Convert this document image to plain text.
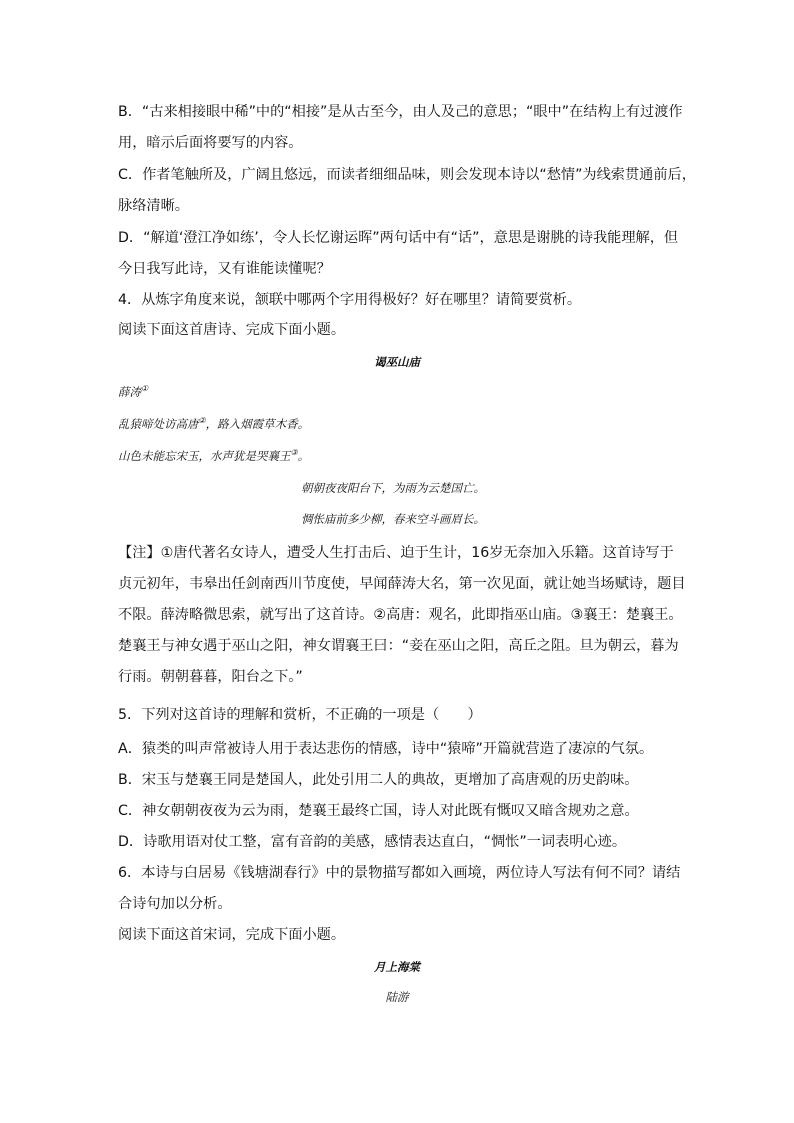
B．“古来相接眼中稀”中的“相接”是从古至今，由人及己的意思；“眼中”在结构上有过渡作
用，暗示后面将要写的内容。
C．作者笔触所及，广阔且悠远，而读者细细品味，则会发现本诗以“愁情”为线索贯通前后，
脉络清晰。
D．“解道‘澄江净如练’，令人长忆谢运晖”两句话中有“话”，意思是谢朓的诗我能理解，但
今日我写此诗，又有谁能读懂呢？
4．从炼字角度来说，颔联中哪两个字用得极好？好在哪里？请简要赏析。
阅读下面这首唐诗、完成下面小题。
谒巫山庙
薛涛①
乱猿啼处访高唐②，路入烟霞草木香。
山色未能忘宋玉，水声犹是哭襄王③。
朝朝夜夜阳台下，为雨为云楚国亡。
惆怅庙前多少柳，春来空斗画眉长。
【注】①唐代著名女诗人，遭受人生打击后、迫于生计，16岁无奈加入乐籍。这首诗写于
贞元初年，韦皋出任剑南西川节度使，早闻薛涛大名，第一次见面，就让她当场赋诗，题目
不限。薛涛略微思索，就写出了这首诗。②高唐：观名，此即指巫山庙。③襄王：楚襄王。
楚襄王与神女遇于巫山之阳，神女谓襄王曰：“妾在巫山之阳，高丘之阻。旦为朝云，暮为
行雨。朝朝暮暮，阳台之下。”
5．下列对这首诗的理解和赏析，不正确的一项是（　　）
A．猿类的叫声常被诗人用于表达悲伤的情感，诗中“猿啼”开篇就营造了凄凉的气氛。
B．宋玉与楚襄王同是楚国人，此处引用二人的典故，更增加了高唐观的历史韵味。
C．神女朝朝夜夜为云为雨，楚襄王最终亡国，诗人对此既有慨叹又暗含规劝之意。
D．诗歌用语对仗工整，富有音韵的美感，感情表达直白，“惆怅”一词表明心迹。
6．本诗与白居易《钱塘湖春行》中的景物描写都如入画境，两位诗人写法有何不同？请结
合诗句加以分析。
阅读下面这首宋词，完成下面小题。
月上海棠
陆游
